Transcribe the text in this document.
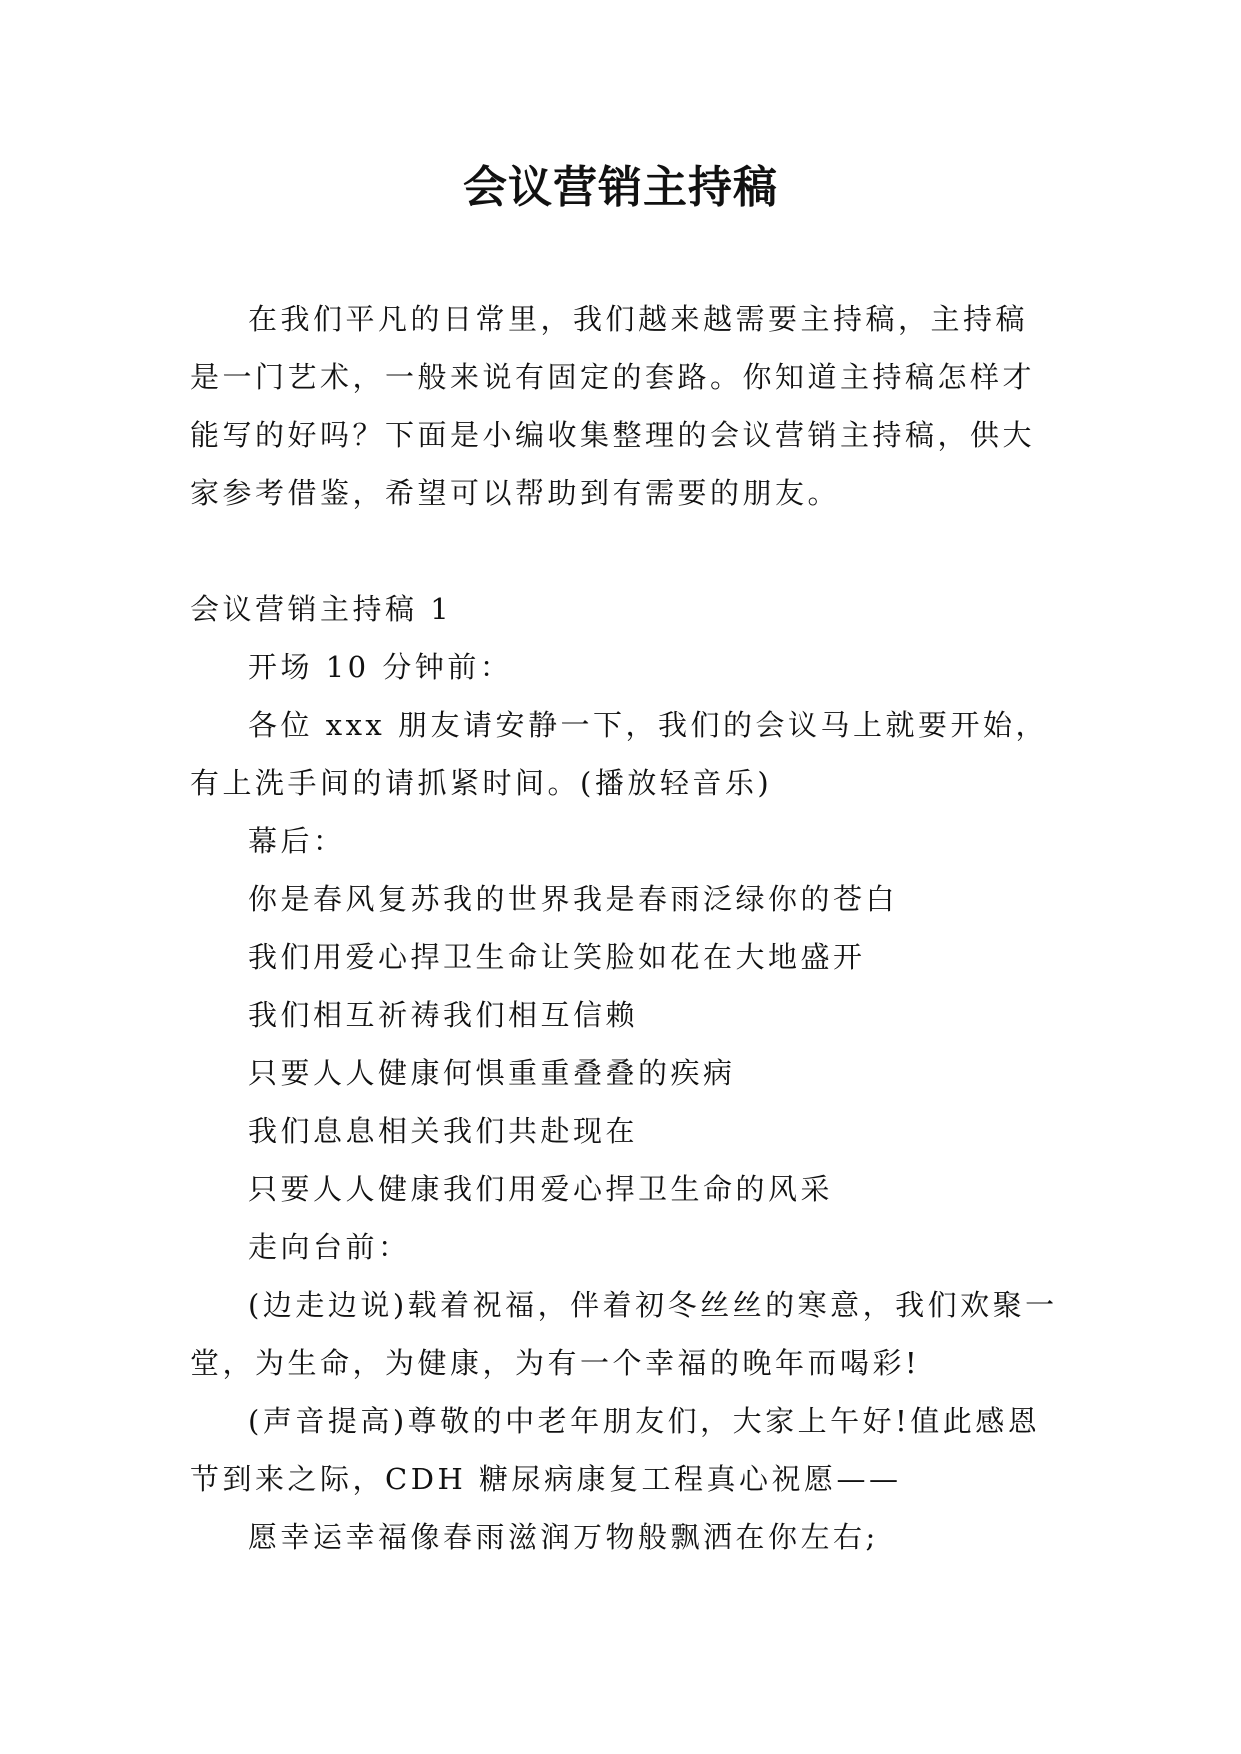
会议营销主持稿

在我们平凡的日常里，我们越来越需要主持稿，主持稿是一门艺术，一般来说有固定的套路。你知道主持稿怎样才能写的好吗？下面是小编收集整理的会议营销主持稿，供大家参考借鉴，希望可以帮助到有需要的朋友。

会议营销主持稿 1

开场 10 分钟前：

各位 xxx 朋友请安静一下，我们的会议马上就要开始，有上洗手间的请抓紧时间。(播放轻音乐)

幕后：

你是春风复苏我的世界我是春雨泛绿你的苍白

我们用爱心捍卫生命让笑脸如花在大地盛开

我们相互祈祷我们相互信赖

只要人人健康何惧重重叠叠的疾病

我们息息相关我们共赴现在

只要人人健康我们用爱心捍卫生命的风采

走向台前：

(边走边说)载着祝福，伴着初冬丝丝的寒意，我们欢聚一堂，为生命，为健康，为有一个幸福的晚年而喝彩!

(声音提高)尊敬的中老年朋友们，大家上午好!值此感恩节到来之际，CDH 糖尿病康复工程真心祝愿——

愿幸运幸福像春雨滋润万物般飘洒在你左右;
